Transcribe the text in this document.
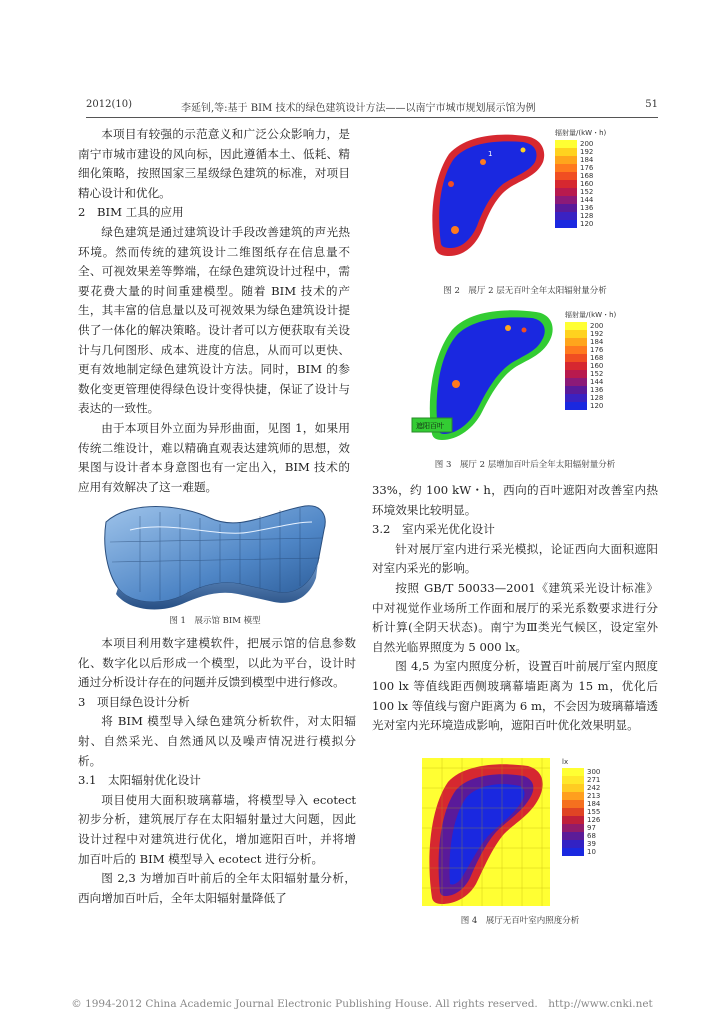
2012(10)	李延钊,等:基于 BIM 技术的绿色建筑设计方法——以南宁市城市规划展示馆为例	51

本项目有较强的示范意义和广泛公众影响力，是南宁市城市建设的风向标，因此遵循本土、低耗、精细化策略，按照国家三星级绿色建筑的标准，对项目精心设计和优化。

2　BIM 工具的应用

绿色建筑是通过建筑设计手段改善建筑的声光热环境。然而传统的建筑设计二维图纸存在信息量不全、可视效果差等弊端，在绿色建筑设计过程中，需要花费大量的时间重建模型。随着 BIM 技术的产生，其丰富的信息量以及可视效果为绿色建筑设计提供了一体化的解决策略。设计者可以方便获取有关设计与几何图形、成本、进度的信息，从而可以更快、更有效地制定绿色建筑设计方法。同时，BIM 的参数化变更管理使得绿色设计变得快捷，保证了设计与表达的一致性。

由于本项目外立面为异形曲面，见图 1，如果用传统二维设计，难以精确直观表达建筑师的思想，效果图与设计者本身意图也有一定出入，BIM 技术的应用有效解决了这一难题。

图 1　展示馆 BIM 模型

本项目利用数字建模软件，把展示馆的信息参数化、数字化以后形成一个模型，以此为平台，设计时通过分析设计存在的问题并反馈到模型中进行修改。

3　项目绿色设计分析

将 BIM 模型导入绿色建筑分析软件，对太阳辐射、自然采光、自然通风以及噪声情况进行模拟分析。

3.1　太阳辐射优化设计

项目使用大面积玻璃幕墙，将模型导入 ecotect 初步分析，建筑展厅存在太阳辐射量过大问题，因此设计过程中对建筑进行优化，增加遮阳百叶，并将增加百叶后的 BIM 模型导入 ecotect 进行分析。

图 2,3 为增加百叶前后的全年太阳辐射量分析，西向增加百叶后，全年太阳辐射量降低了

1
辐射量/(kW・h)
200
192
184
176
168
160
152
144
136
128
120
图 2　展厅 2 层无百叶全年太阳辐射量分析
遮阳百叶
辐射量/(kW・h)
200
192
184
176
168
160
152
144
136
128
120
图 3　展厅 2 层增加百叶后全年太阳辐射量分析

33%，约 100 kW・h，西向的百叶遮阳对改善室内热环境效果比较明显。

3.2　室内采光优化设计

针对展厅室内进行采光模拟，论证西向大面积遮阳对室内采光的影响。

按照 GB/T 50033—2001《建筑采光设计标准》中对视觉作业场所工作面和展厅的采光系数要求进行分析计算(全阴天状态)。南宁为Ⅲ类光气候区，设定室外自然光临界照度为 5 000 lx。

图 4,5 为室内照度分析，设置百叶前展厅室内照度 100 lx 等值线距西侧玻璃幕墙距离为 15 m，优化后 100 lx 等值线与窗户距离为 6 m，不会因为玻璃幕墙透光对室内光环境造成影响，遮阳百叶优化效果明显。

lx
300
271
242
213
184
155
126
97
68
39
10
图 4　展厅无百叶室内照度分析
© 1994-2012 China Academic Journal Electronic Publishing House. All rights reserved.　http://www.cnki.net
